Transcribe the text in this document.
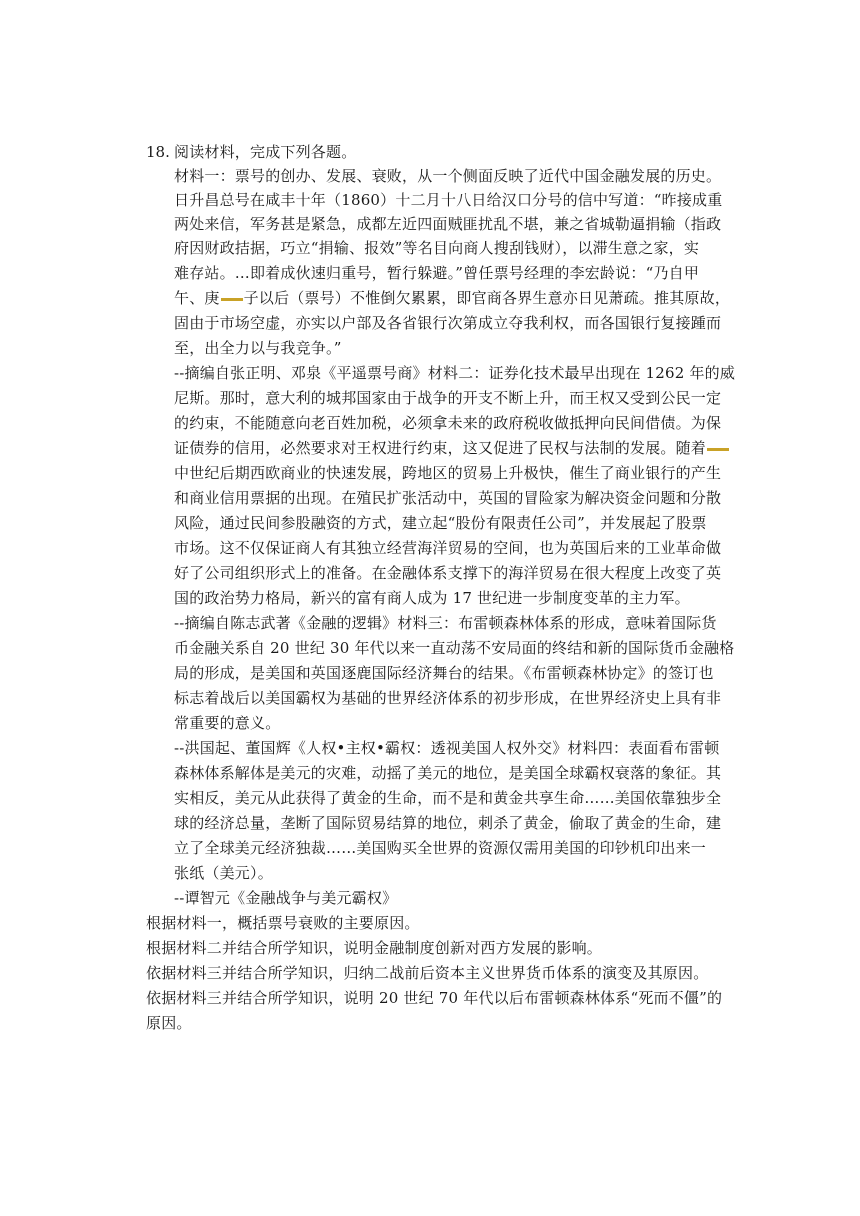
18. 阅读材料，完成下列各题。
材料一：票号的创办、发展、衰败，从一个侧面反映了近代中国金融发展的历史。
日升昌总号在咸丰十年（1860）十二月十八日给汉口分号的信中写道：“昨接成重
两处来信，军务甚是紧急，成都左近四面贼匪扰乱不堪，兼之省城勒逼捐输（指政
府因财政拮据，巧立“捐输、报效”等名目向商人搜刮钱财），以滞生意之家，实
难存站。…即着成伙速归重号，暂行躲避。”曾任票号经理的李宏龄说：“乃自甲
午、庚 子以后（票号）不惟倒欠累累，即官商各界生意亦日见萧疏。推其原故，
固由于市场空虚，亦实以户部及各省银行次第成立夺我利权，而各国银行复接踵而
至，出全力以与我竞争。”
--摘编自张正明、邓泉《平遥票号商》材料二：证券化技术最早出现在 1262 年的威
尼斯。那时，意大利的城邦国家由于战争的开支不断上升，而王权又受到公民一定
的约束，不能随意向老百姓加税，必须拿未来的政府税收做抵押向民间借债。为保
证债券的信用，必然要求对王权进行约束，这又促进了民权与法制的发展。随着
中世纪后期西欧商业的快速发展，跨地区的贸易上升极快，催生了商业银行的产生
和商业信用票据的出现。在殖民扩张活动中，英国的冒险家为解决资金问题和分散
风险，通过民间参股融资的方式，建立起“股份有限责任公司”，并发展起了股票
市场。这不仅保证商人有其独立经营海洋贸易的空间，也为英国后来的工业革命做
好了公司组织形式上的准备。在金融体系支撑下的海洋贸易在很大程度上改变了英
国的政治势力格局，新兴的富有商人成为 17 世纪进一步制度变革的主力军。
--摘编自陈志武著《金融的逻辑》材料三：布雷顿森林体系的形成，意味着国际货
币金融关系自 20 世纪 30 年代以来一直动荡不安局面的终结和新的国际货币金融格
局的形成，是美国和英国逐鹿国际经济舞台的结果。《布雷顿森林协定》的签订也
标志着战后以美国霸权为基础的世界经济体系的初步形成，在世界经济史上具有非
常重要的意义。
--洪国起、董国辉《人权•主权•霸权：透视美国人权外交》材料四：表面看布雷顿
森林体系解体是美元的灾难，动摇了美元的地位，是美国全球霸权衰落的象征。其
实相反，美元从此获得了黄金的生命，而不是和黄金共享生命……美国依靠独步全
球的经济总量，垄断了国际贸易结算的地位，刺杀了黄金，偷取了黄金的生命，建
立了全球美元经济独裁……美国购买全世界的资源仅需用美国的印钞机印出来一
张纸（美元）。
--谭智元《金融战争与美元霸权》
根据材料一，概括票号衰败的主要原因。
根据材料二并结合所学知识，说明金融制度创新对西方发展的影响。
依据材料三并结合所学知识，归纳二战前后资本主义世界货币体系的演变及其原因。
依据材料三并结合所学知识，说明 20 世纪 70 年代以后布雷顿森林体系“死而不僵”的
原因。
